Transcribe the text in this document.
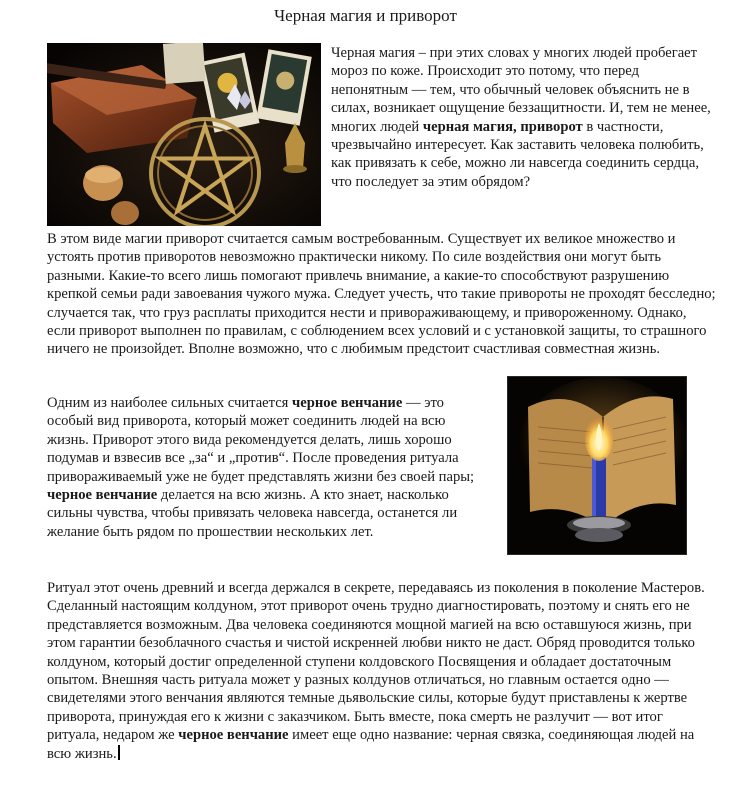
Черная магия и приворот

Черная магия – при этих словах у многих людей пробегает мороз по коже. Происходит это потому, что перед непонятным — тем, что обычный человек объяснить не в силах, возникает ощущение беззащитности. И, тем не менее, многих людей черная магия, приворот в частности, чрезвычайно интересует. Как заставить человека полюбить, как привязать к себе, можно ли навсегда соединить сердца, что последует за этим обрядом?

В этом виде магии приворот считается самым востребованным. Существует их великое множество и устоять против приворотов невозможно практически никому. По силе воздействия они могут быть разными. Какие-то всего лишь помогают привлечь внимание, а какие-то способствуют разрушению крепкой семьи ради завоевания чужого мужа. Следует учесть, что такие привороты не проходят бесследно; случается так, что груз расплаты приходится нести и привораживающему, и привороженному. Однако, если приворот выполнен по правилам, с соблюдением всех условий и с установкой защиты, то страшного ничего не произойдет. Вполне возможно, что с любимым предстоит счастливая совместная жизнь.

Одним из наиболее сильных считается черное венчание — это особый вид приворота, который может соединить людей на всю жизнь. Приворот этого вида рекомендуется делать, лишь хорошо подумав и взвесив все „за“ и „против“. После проведения ритуала привораживаемый уже не будет представлять жизни без своей пары; черное венчание делается на всю жизнь. А кто знает, насколько сильны чувства, чтобы привязать человека навсегда, останется ли желание быть рядом по прошествии нескольких лет.

Ритуал этот очень древний и всегда держался в секрете, передаваясь из поколения в поколение Мастеров. Сделанный настоящим колдуном, этот приворот очень трудно диагностировать, поэтому и снять его не представляется возможным. Два человека соединяются мощной магией на всю оставшуюся жизнь, при этом гарантии безоблачного счастья и чистой искренней любви никто не даст. Обряд проводится только колдуном, который достиг определенной ступени колдовского Посвящения и обладает достаточным опытом. Внешняя часть ритуала может у разных колдунов отличаться, но главным остается одно — свидетелями этого венчания являются темные дьявольские силы, которые будут приставлены к жертве приворота, принуждая его к жизни с заказчиком. Быть вместе, пока смерть не разлучит — вот итог ритуала, недаром же черное венчание имеет еще одно название: черная связка, соединяющая людей на всю жизнь.
